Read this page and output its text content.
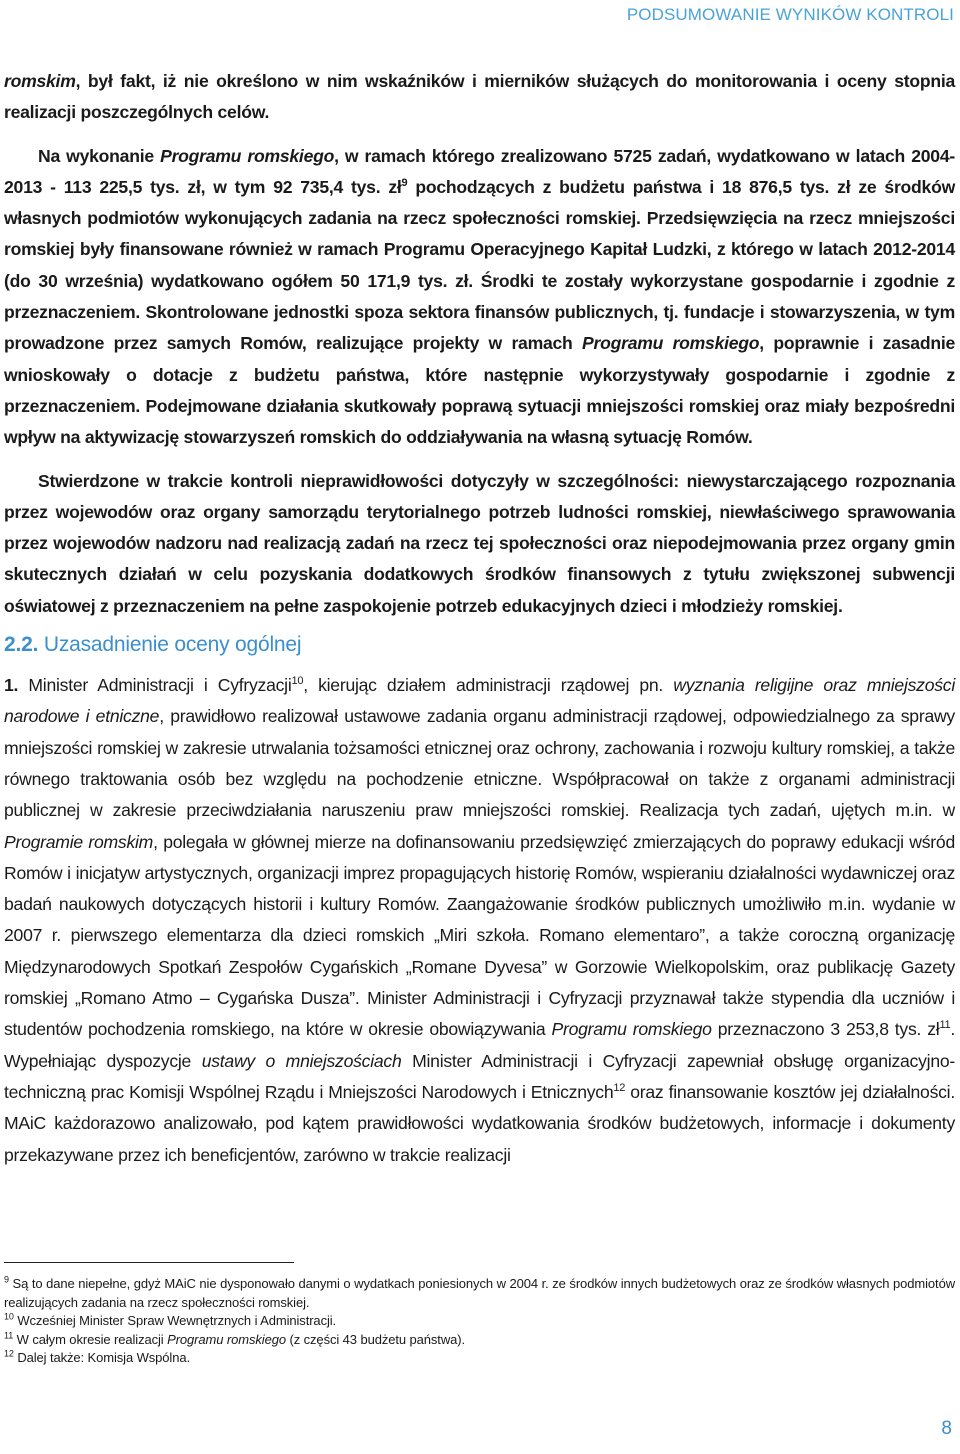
PODSUMOWANIE WYNIKÓW KONTROLI

romskim, był fakt, iż nie określono w nim wskaźników i mierników służących do monitorowania i oceny stopnia realizacji poszczególnych celów.

Na wykonanie Programu romskiego, w ramach którego zrealizowano 5725 zadań, wydatkowano w latach 2004-2013 - 113 225,5 tys. zł, w tym 92 735,4 tys. $zł^9$ pochodzących z budżetu państwa i 18 876,5 tys. zł ze środków własnych podmiotów wykonujących zadania na rzecz społeczności romskiej. Przedsięwzięcia na rzecz mniejszości romskiej były finansowane również w ramach Programu Operacyjnego Kapitał Ludzki, z którego w latach 2012-2014 (do 30 września) wydatkowano ogółem 50 171,9 tys. zł. Środki te zostały wykorzystane gospodarnie i zgodnie z przeznaczeniem. Skontrolowane jednostki spoza sektora finansów publicznych, tj. fundacje i stowarzyszenia, w tym prowadzone przez samych Romów, realizujące projekty w ramach Programu romskiego, poprawnie i zasadnie wnioskowały o dotacje z budżetu państwa, które następnie wykorzystywały gospodarnie i zgodnie z przeznaczeniem. Podejmowane działania skutkowały poprawą sytuacji mniejszości romskiej oraz miały bezpośredni wpływ na aktywizację stowarzyszeń romskich do oddziaływania na własną sytuację Romów.

Stwierdzone w trakcie kontroli nieprawidłowości dotyczyły w szczególności: niewystarczającego rozpoznania przez wojewodów oraz organy samorządu terytorialnego potrzeb ludności romskiej, niewłaściwego sprawowania przez wojewodów nadzoru nad realizacją zadań na rzecz tej społeczności oraz niepodejmowania przez organy gmin skutecznych działań w celu pozyskania dodatkowych środków finansowych z tytułu zwiększonej subwencji oświatowej z przeznaczeniem na pełne zaspokojenie potrzeb edukacyjnych dzieci i młodzieży romskiej.

2.2. Uzasadnienie oceny ogólnej

1. Minister Administracji i Cyfryzacji$^{10}$, kierując działem administracji rządowej pn. wyznania religijne oraz mniejszości narodowe i etniczne, prawidłowo realizował ustawowe zadania organu administracji rządowej, odpowiedzialnego za sprawy mniejszości romskiej w zakresie utrwalania tożsamości etnicznej oraz ochrony, zachowania i rozwoju kultury romskiej, a także równego traktowania osób bez względu na pochodzenie etniczne. Współpracował on także z organami administracji publicznej w zakresie przeciwdziałania naruszeniu praw mniejszości romskiej. Realizacja tych zadań, ujętych m.in. w Programie romskim, polegała w głównej mierze na dofinansowaniu przedsięwzięć zmierzających do poprawy edukacji wśród Romów i inicjatyw artystycznych, organizacji imprez propagujących historię Romów, wspieraniu działalności wydawniczej oraz badań naukowych dotyczących historii i kultury Romów. Zaangażowanie środków publicznych umożliwiło m.in. wydanie w 2007 r. pierwszego elementarza dla dzieci romskich „Miri szkoła. Romano elementaro”, a także coroczną organizację Międzynarodowych Spotkań Zespołów Cygańskich „Romane Dyvesa” w Gorzowie Wielkopolskim, oraz publikację Gazety romskiej „Romano Atmo – Cygańska Dusza”. Minister Administracji i Cyfryzacji przyznawał także stypendia dla uczniów i studentów pochodzenia romskiego, na które w okresie obowiązywania Programu romskiego przeznaczono 3 253,8 tys. $zł^{11}$. Wypełniając dyspozycje ustawy o mniejszościach Minister Administracji i Cyfryzacji zapewniał obsługę organizacyjno-techniczną prac Komisji Wspólnej Rządu i Mniejszości Narodowych i Etnicznych$^{12}$ oraz finansowanie kosztów jej działalności. MAiC każdorazowo analizowało, pod kątem prawidłowości wydatkowania środków budżetowych, informacje i dokumenty przekazywane przez ich beneficjentów, zarówno w trakcie realizacji

$^9$ Są to dane niepełne, gdyż MAiC nie dysponowało danymi o wydatkach poniesionych w 2004 r. ze środków innych budżetowych oraz ze środków własnych podmiotów realizujących zadania na rzecz społeczności romskiej.
$^{10}$ Wcześniej Minister Spraw Wewnętrznych i Administracji.
$^{11}$ W całym okresie realizacji Programu romskiego (z części 43 budżetu państwa).
$^{12}$ Dalej także: Komisja Wspólna.
8
